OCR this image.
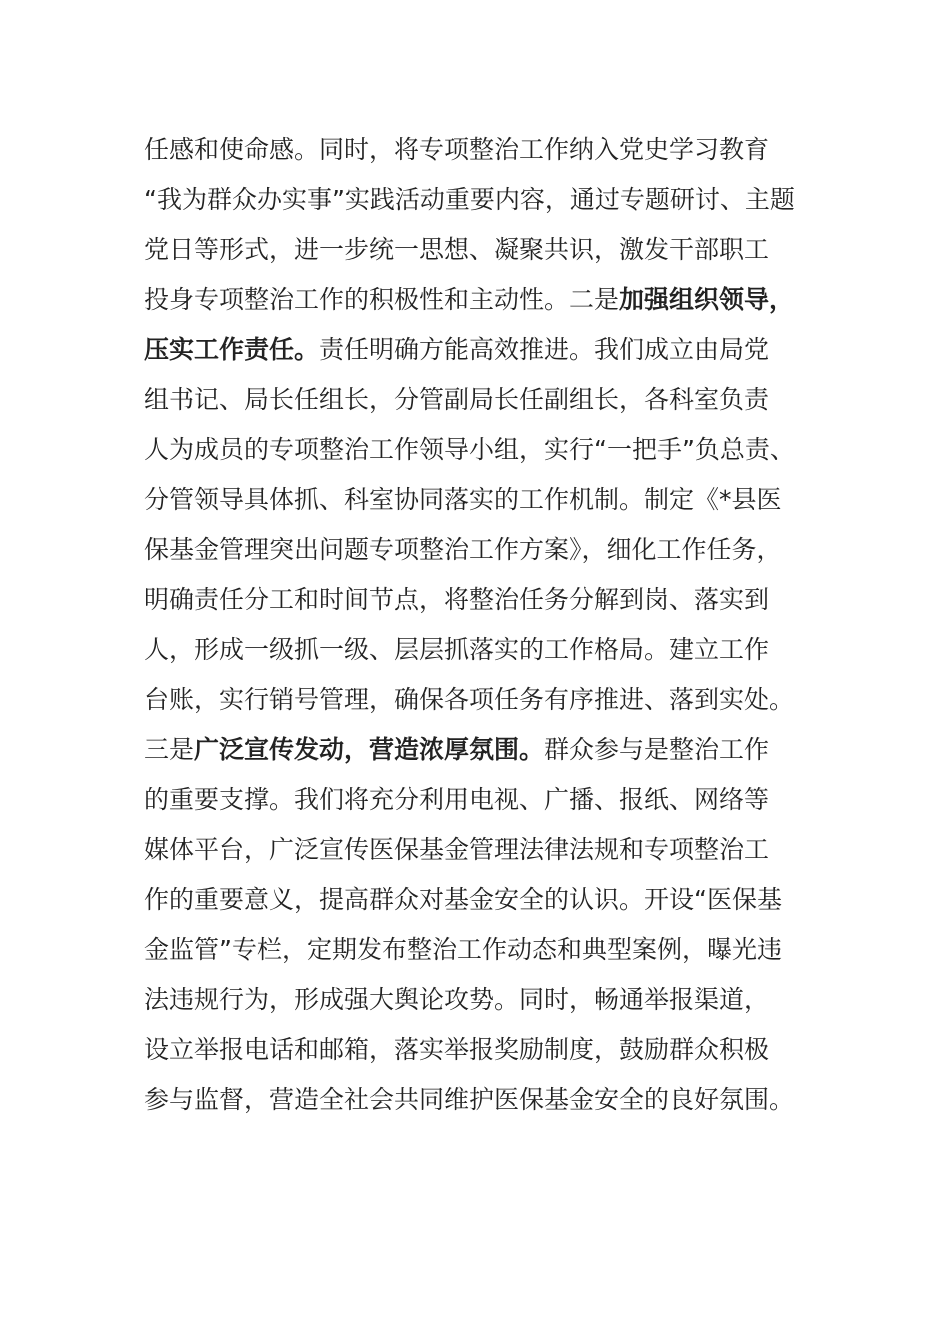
任感和使命感。同时，将专项整治工作纳入党史学习教育
“我为群众办实事”实践活动重要内容，通过专题研讨、主题
党日等形式，进一步统一思想、凝聚共识，激发干部职工
投身专项整治工作的积极性和主动性。二是加强组织领导，
压实工作责任。责任明确方能高效推进。我们成立由局党
组书记、局长任组长，分管副局长任副组长，各科室负责
人为成员的专项整治工作领导小组，实行“一把手”负总责、
分管领导具体抓、科室协同落实的工作机制。制定《*县医
保基金管理突出问题专项整治工作方案》，细化工作任务，
明确责任分工和时间节点，将整治任务分解到岗、落实到
人，形成一级抓一级、层层抓落实的工作格局。建立工作
台账，实行销号管理，确保各项任务有序推进、落到实处。
三是广泛宣传发动，营造浓厚氛围。群众参与是整治工作
的重要支撑。我们将充分利用电视、广播、报纸、网络等
媒体平台，广泛宣传医保基金管理法律法规和专项整治工
作的重要意义，提高群众对基金安全的认识。开设“医保基
金监管”专栏，定期发布整治工作动态和典型案例，曝光违
法违规行为，形成强大舆论攻势。同时，畅通举报渠道，
设立举报电话和邮箱，落实举报奖励制度，鼓励群众积极
参与监督，营造全社会共同维护医保基金安全的良好氛围。
